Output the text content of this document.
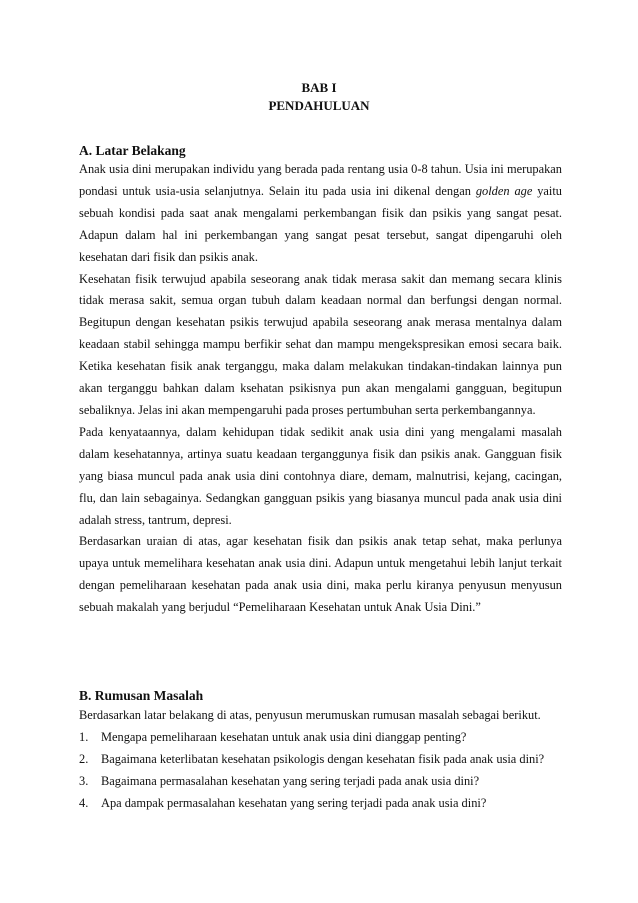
BAB I
PENDAHULUAN
A. Latar Belakang

Anak usia dini merupakan individu yang berada pada rentang usia 0-8 tahun. Usia ini merupakan pondasi untuk usia-usia selanjutnya. Selain itu pada usia ini dikenal dengan golden age yaitu sebuah kondisi pada saat anak mengalami perkembangan fisik dan psikis yang sangat pesat. Adapun dalam hal ini perkembangan yang sangat pesat tersebut, sangat dipengaruhi oleh kesehatan dari fisik dan psikis anak.

Kesehatan fisik terwujud apabila seseorang anak tidak merasa sakit dan memang secara klinis tidak merasa sakit, semua organ tubuh dalam keadaan normal dan berfungsi dengan normal. Begitupun dengan kesehatan psikis terwujud apabila seseorang anak merasa mentalnya dalam keadaan stabil sehingga mampu berfikir sehat dan mampu mengekspresikan emosi secara baik. Ketika kesehatan fisik anak terganggu, maka dalam melakukan tindakan-tindakan lainnya pun akan terganggu bahkan dalam ksehatan psikisnya pun akan mengalami gangguan, begitupun sebaliknya. Jelas ini akan mempengaruhi pada proses pertumbuhan serta perkembangannya.

Pada kenyataannya, dalam kehidupan tidak sedikit anak usia dini yang mengalami masalah dalam kesehatannya, artinya suatu keadaan terganggunya fisik dan psikis anak. Gangguan fisik yang biasa muncul pada anak usia dini contohnya diare, demam, malnutrisi, kejang, cacingan, flu, dan lain sebagainya. Sedangkan gangguan psikis yang biasanya muncul pada anak usia dini adalah stress, tantrum, depresi.

Berdasarkan uraian di atas, agar kesehatan fisik dan psikis anak tetap sehat, maka perlunya upaya untuk memelihara kesehatan anak usia dini. Adapun untuk mengetahui lebih lanjut terkait dengan pemeliharaan kesehatan pada anak usia dini, maka perlu kiranya penyusun menyusun sebuah makalah yang berjudul “Pemeliharaan Kesehatan untuk Anak Usia Dini.”

B. Rumusan Masalah

Berdasarkan latar belakang di atas, penyusun merumuskan rumusan masalah sebagai berikut.

1.	Mengapa pemeliharaan kesehatan untuk anak usia dini dianggap penting?
2.	Bagaimana keterlibatan kesehatan psikologis dengan kesehatan fisik pada anak usia dini?
3.	Bagaimana permasalahan kesehatan yang sering terjadi pada anak usia dini?
4.	Apa dampak permasalahan kesehatan yang sering terjadi pada anak usia dini?
